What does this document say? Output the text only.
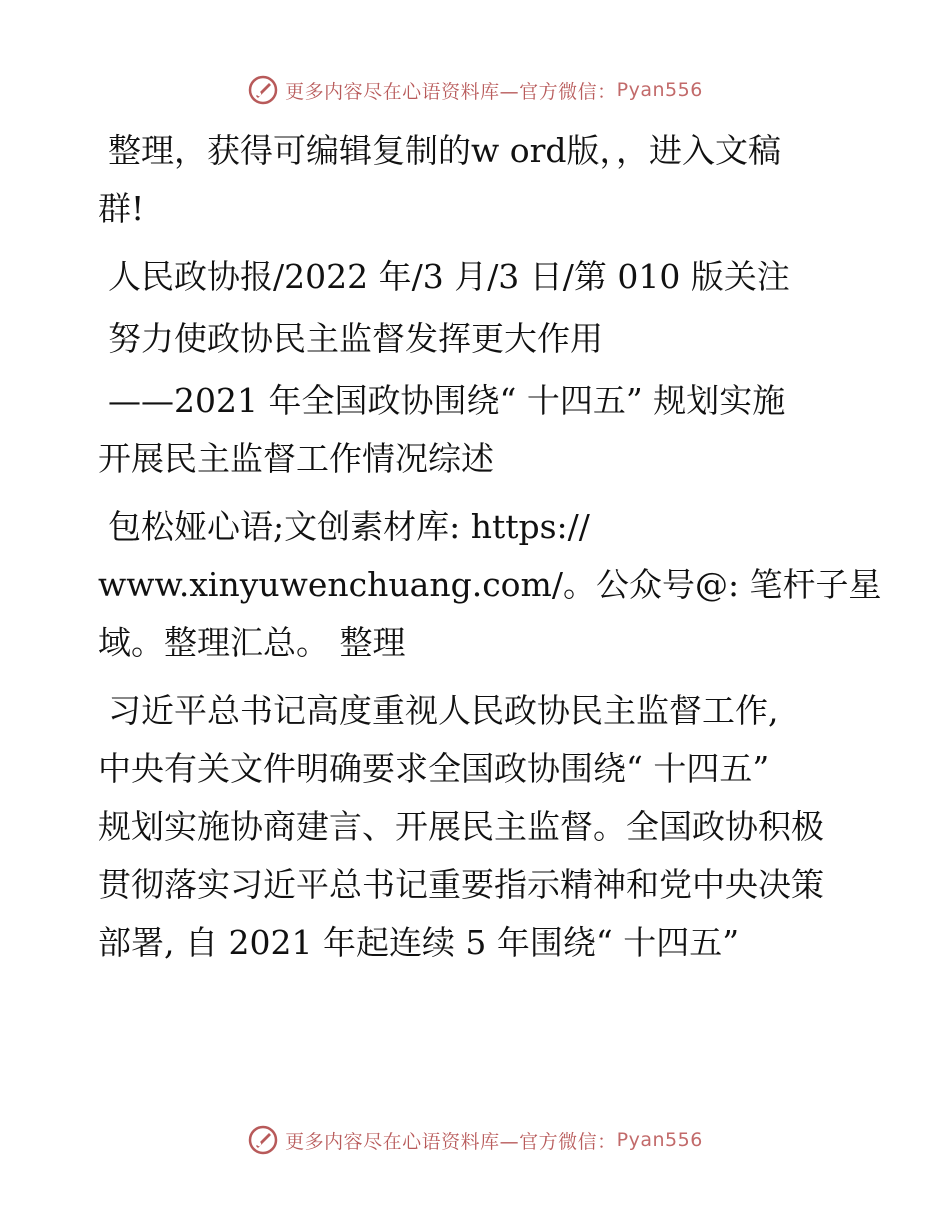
更多内容尽在心语资料库—官方微信： Pyan556

整理，获得可编辑复制的w ord版，，进入文稿

群!

人民政协报/2022 年/3 月/3 日/第 010 版关注

努力使政协民主监督发挥更大作用

——2021 年全国政协围绕“ 十四五” 规划实施

开展民主监督工作情况综述

包松娅心语;文创素材库: https://

www.xinyuwenchuang.com/。公众号@: 笔杆子星

域。整理汇总。 整理

习近平总书记高度重视人民政协民主监督工作,

中央有关文件明确要求全国政协围绕“ 十四五”

规划实施协商建言、开展民主监督。全国政协积极

贯彻落实习近平总书记重要指示精神和党中央决策

部署, 自 2021 年起连续 5 年围绕“ 十四五”

更多内容尽在心语资料库—官方微信： Pyan556
